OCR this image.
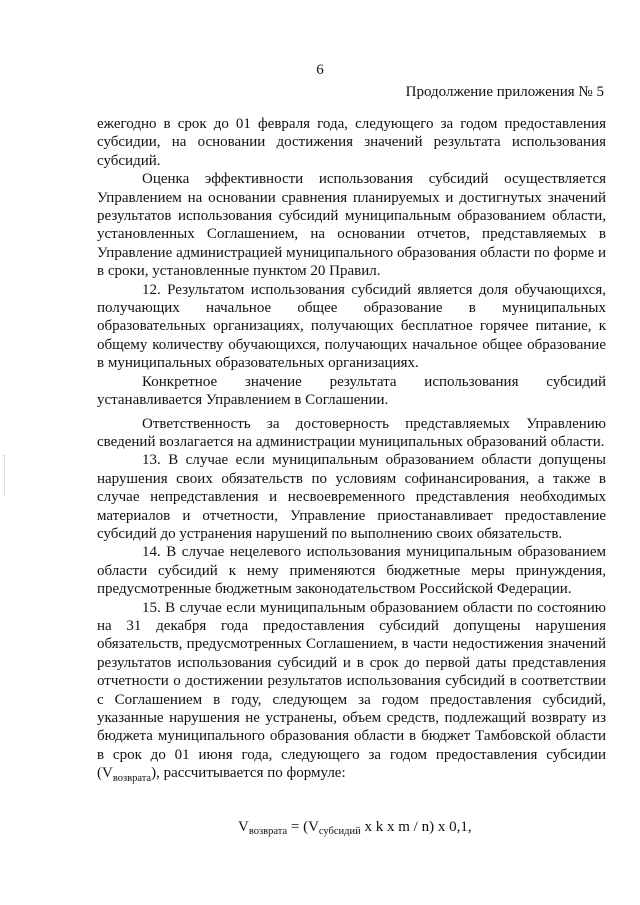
6
Продолжение приложения № 5

ежегодно в срок до 01 февраля года, следующего за годом предоставления субсидии, на основании достижения значений результата использования субсидий.

Оценка эффективности использования субсидий осуществляется Управлением на основании сравнения планируемых и достигнутых значений результатов использования субсидий муниципальным образованием области, установленных Соглашением, на основании отчетов, представляемых в Управление администрацией муниципального образования области по форме и в сроки, установленные пунктом 20 Правил.

12. Результатом использования субсидий является доля обучающихся, получающих начальное общее образование в муниципальных образовательных организациях, получающих бесплатное горячее питание, к общему количеству обучающихся, получающих начальное общее образование в муниципальных образовательных организациях.

Конкретное значение результата использования субсидий устанавливается Управлением в Соглашении.

Ответственность за достоверность представляемых Управлению сведений возлагается на администрации муниципальных образований области.

13. В случае если муниципальным образованием области допущены нарушения своих обязательств по условиям софинансирования, а также в случае непредставления и несвоевременного представления необходимых материалов и отчетности, Управление приостанавливает предоставление субсидий до устранения нарушений по выполнению своих обязательств.

14. В случае нецелевого использования муниципальным образованием области субсидий к нему применяются бюджетные меры принуждения, предусмотренные бюджетным законодательством Российской Федерации.

15. В случае если муниципальным образованием области по состоянию на 31 декабря года предоставления субсидий допущены нарушения обязательств, предусмотренных Соглашением, в части недостижения значений результатов использования субсидий и в срок до первой даты представления отчетности о достижении результатов использования субсидий в соответствии с Соглашением в году, следующем за годом предоставления субсидий, указанные нарушения не устранены, объем средств, подлежащий возврату из бюджета муниципального образования области в бюджет Тамбовской области в срок до 01 июня года, следующего за годом предоставления субсидии $(V_{возврата})$, рассчитывается по формуле:

$V_{возврата} = (V_{субсидий}$ x k x m / n) x 0,1,
